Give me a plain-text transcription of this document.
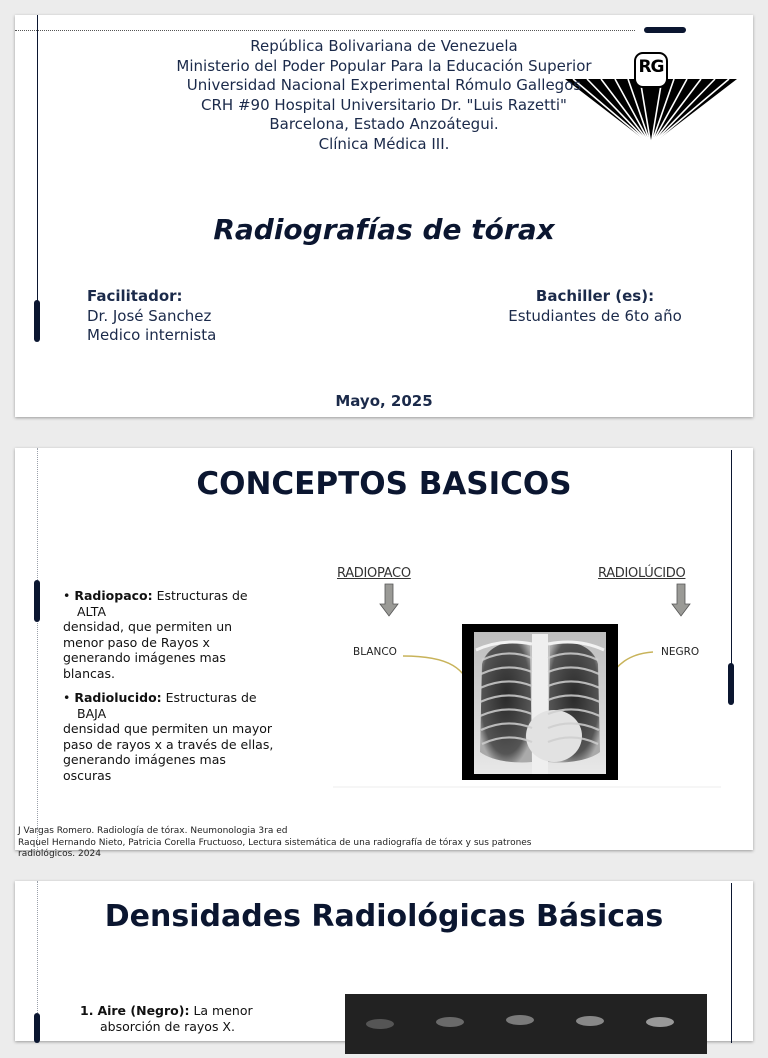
RG
República Bolivariana de Venezuela
Ministerio del Poder Popular Para la Educación Superior
Universidad Nacional Experimental Rómulo Gallegos
CRH #90 Hospital Universitario Dr. "Luis Razetti"
Barcelona, Estado Anzoátegui.
Clínica Médica III.
Radiografías de tórax
Facilitador:
Dr. José Sanchez
Medico internista
Bachiller (es):
Estudiantes de 6to año
Mayo, 2025
CONCEPTOS BASICOS
• Radiopaco: Estructuras de
ALTA
densidad, que permiten un
menor paso de Rayos x
generando imágenes mas
blancas.
• Radiolucido: Estructuras de
BAJA
densidad que permiten un mayor
paso de rayos x a través de ellas,
generando imágenes mas
oscuras
RADIOPACO	RADIOLÚCIDO
BLANCO	NEGRO
J Vargas Romero. Radiología de tórax. Neumonologia 3ra ed
Raquel Hernando Nieto, Patricia Corella Fructuoso, Lectura sistemática de una radiografía de tórax y sus patrones
radiológicos. 2024
Densidades Radiológicas Básicas
1. Aire (Negro): La menor
absorción de rayos X.
